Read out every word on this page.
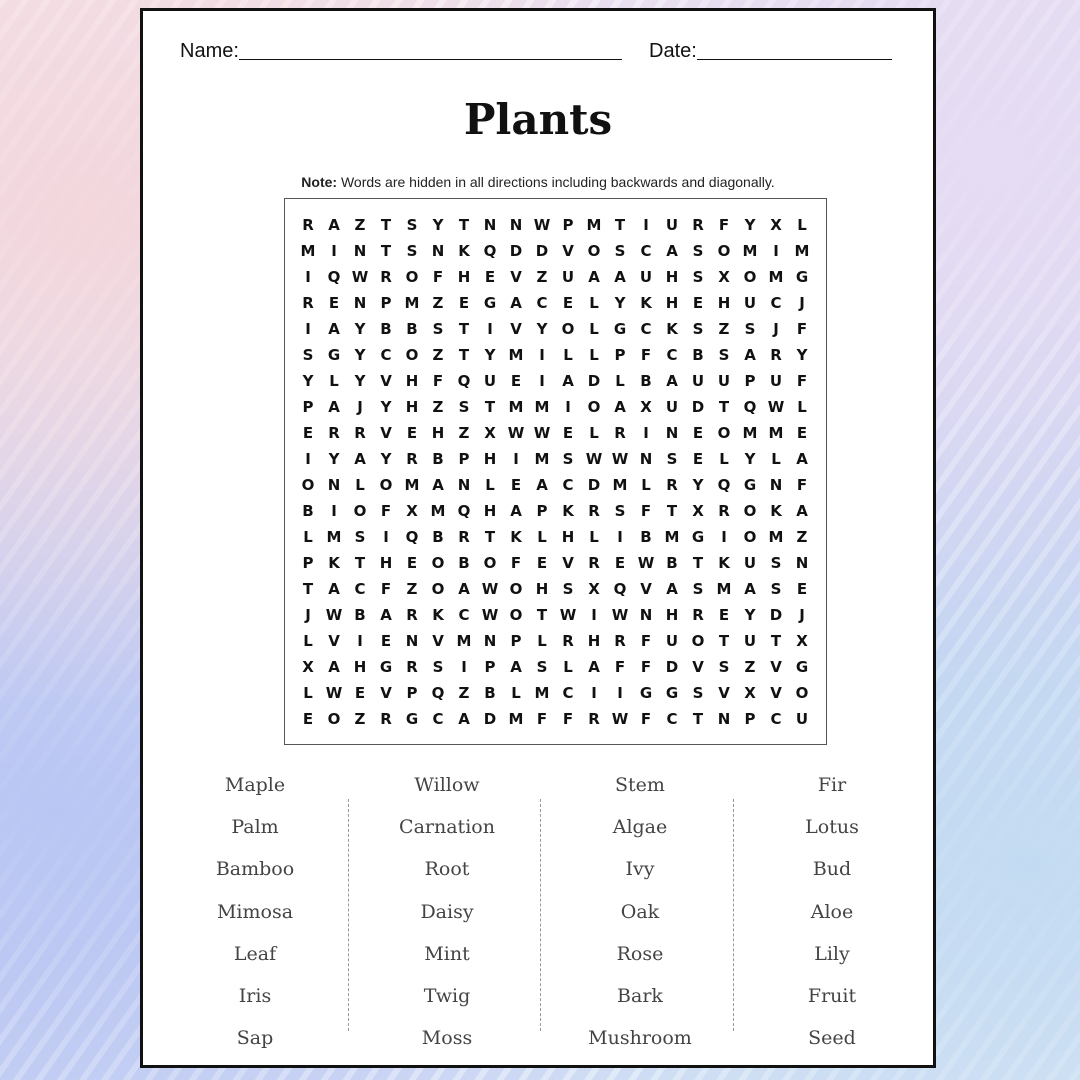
Name:	Date:
Plants
Note: Words are hidden in all directions including backwards and diagonally.
R A Z	T	S	Y	T N N W P M T	I	U R	F	Y X	L
M	I	N T	S N K Q D D V O S	C A S O M	I	M
I	Q W R O F H E	V Z U A A U H S X O M G
R	E N P M Z	E G A C	E	L	Y K H E H U C	J
I	A Y B B S	T	I	V Y O L	G C K S	Z	S	J	F
S G Y	C O Z	T	Y M	I	L	L	P	F	C B S A R Y
Y	L	Y V H F Q U E	I	A D	L	B A U U P U F
P A	J	Y H Z	S	T M M	I	O A X U D T Q W L
E	R R V	E H Z X W W E	L	R	I	N E O M M E
I	Y A Y R B P H	I	M S W W N S	E	L	Y	L	A
O N L O M A N L	E	A C D M L	R Y Q G N F
B	I	O F	X M Q H A P K R S	F	T	X R O K A
L M S	I	Q B R	T	K	L H L	I	B M G	I	O M Z
P K	T H E O B O F	E	V R	E W B	T	K U S N
T	A C	F	Z O A W O H S X Q V A S M A S	E
J W B A R K C W O T W I W N H R	E	Y D	J
L	V	I	E N V M N P	L	R H R	F U O T U T	X
X A H G R S	I	P A S	L	A	F	F D V S	Z V G
L W E	V P Q Z B	L M C	I	I	G G S V X V O
E O Z R G C A D M F	F	R W F	C	T N P C U
Maple
Palm
Bamboo
Mimosa
Leaf
Iris
Sap
Willow
Carnation
Root
Daisy
Mint
Twig
Moss
Stem
Algae
Ivy
Oak
Rose
Bark
Mushroom
Fir
Lotus
Bud
Aloe
Lily
Fruit
Seed
